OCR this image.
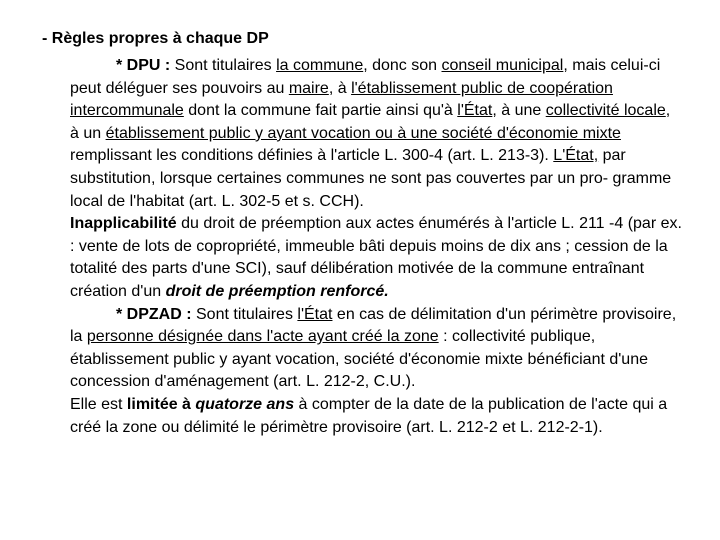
- Règles propres à chaque DP

* DPU : Sont titulaires la commune, donc son conseil municipal, mais celui-ci peut déléguer ses pouvoirs au maire, à l'établissement public de coopération intercommunale dont la commune fait partie ainsi qu'à l'État, à une collectivité locale, à un établissement public y ayant vocation ou à une société d'économie mixte remplissant les conditions définies à l'article L. 300-4 (art. L. 213-3). L'État, par substitution, lorsque certaines communes ne sont pas couvertes par un pro- gramme local de l'habitat (art. L. 302-5 et s. CCH).

Inapplicabilité du droit de préemption aux actes énumérés à l'article L. 211 -4 (par ex. : vente de lots de copropriété, immeuble bâti depuis moins de dix ans ; cession de la totalité des parts d'une SCI), sauf délibération motivée de la commune entraînant création d'un droit de préemption renforcé.

* DPZAD : Sont titulaires l'État en cas de délimitation d'un périmètre provisoire, la personne désignée dans l'acte ayant créé la zone : collectivité publique, établissement public y ayant vocation, société d'économie mixte bénéficiant d'une concession d'aménagement (art. L. 212-2, C.U.).

Elle est limitée à quatorze ans à compter de la date de la publication de l'acte qui a créé la zone ou délimité le périmètre provisoire (art. L. 212-2 et L. 212-2-1).
